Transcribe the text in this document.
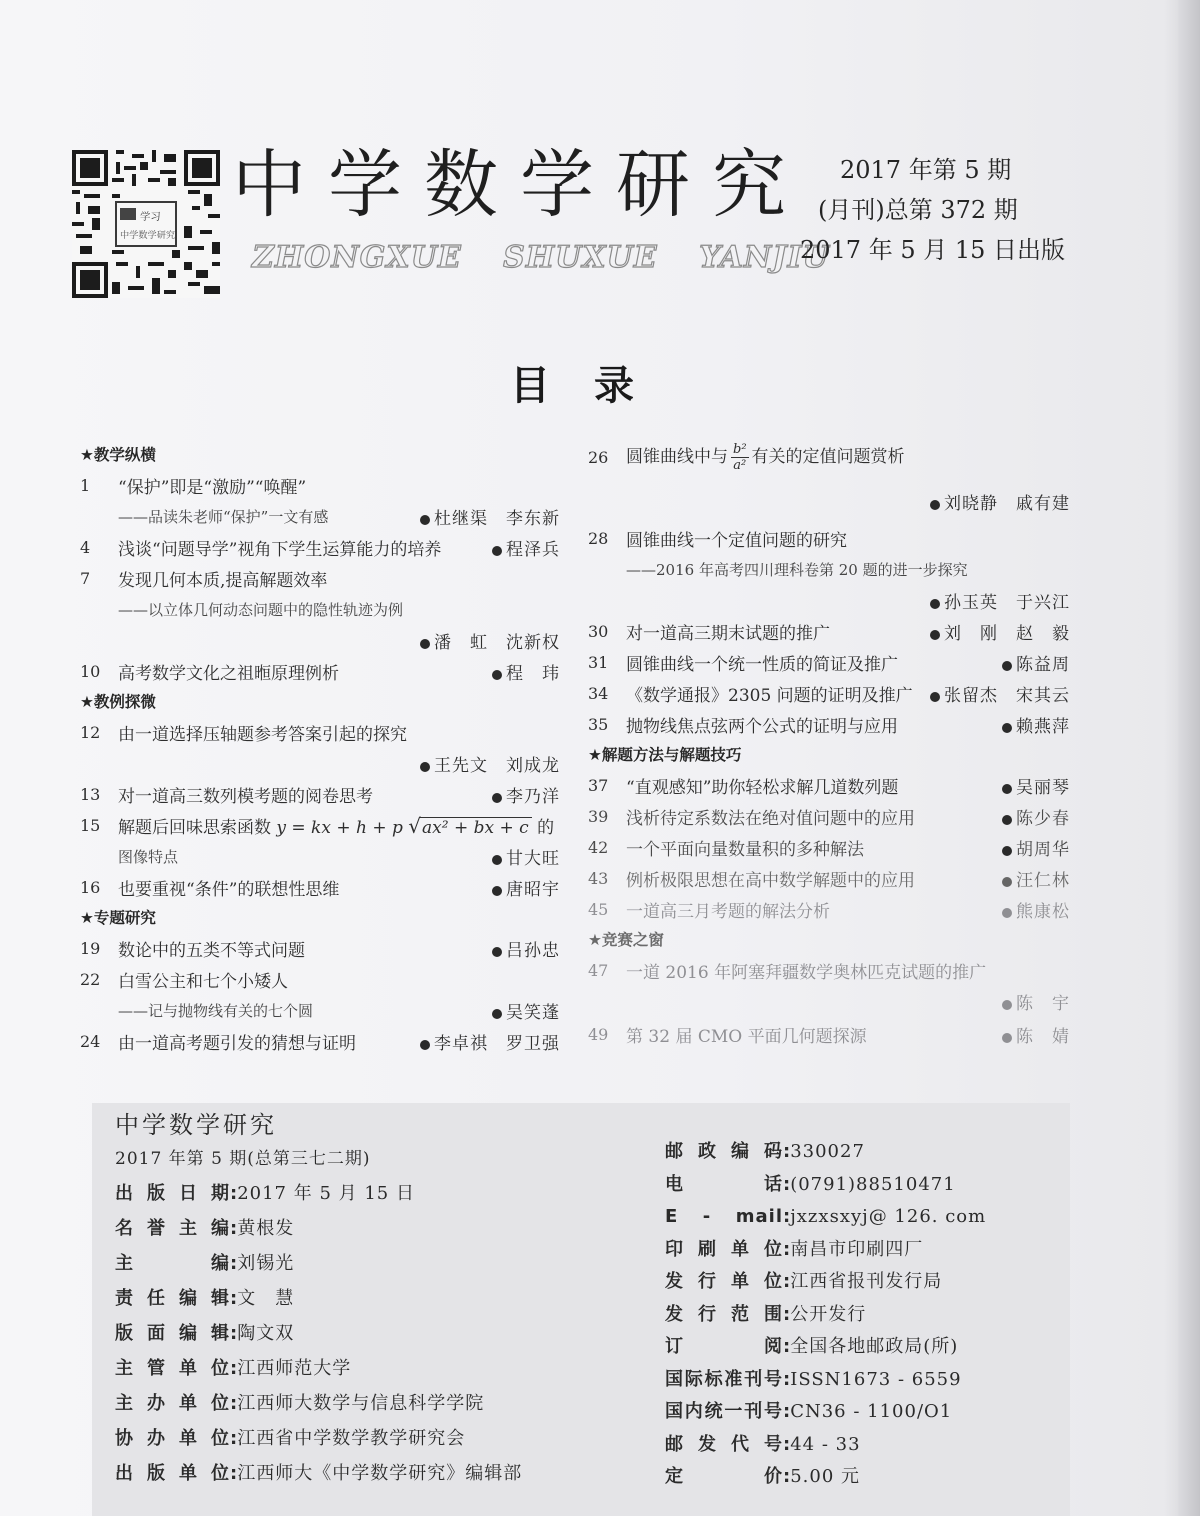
学习
中学数学研究
中学数学研究
ZHONGXUE SHUXUE YANJIU
2017 年第 5 期
(月刊)总第 372 期
2017 年 5 月 15 日出版
目录
★教学纵横
1	“保护”即是“激励”“唤醒”
——品读朱老师“保护”一文有感	杜继渠　李东新
4	浅谈“问题导学”视角下学生运算能力的培养	程泽兵
7	发现几何本质,提高解题效率
——以立体几何动态问题中的隐性轨迹为例
潘　虹　沈新权
10	高考数学文化之祖暅原理例析	程　玮
★教例探微
12	由一道选择压轴题参考答案引起的探究
王先文　刘成龙
13	对一道高三数列模考题的阅卷思考	李乃洋
15	解题后回味思索函数 y = kx + h + p √ax² + bx + c 的
图像特点	甘大旺
16	也要重视“条件”的联想性思维	唐昭宇
★专题研究
19	数论中的五类不等式问题	吕孙忠
22	白雪公主和七个小矮人
——记与抛物线有关的七个圆	吴笑蓬
24	由一道高考题引发的猜想与证明	李卓祺　罗卫强
26	圆锥曲线中与 $\frac{\text{b²}}{\text{a²}}$ 有关的定值问题赏析
刘晓静　戚有建
28	圆锥曲线一个定值问题的研究
——2016 年高考四川理科卷第 20 题的进一步探究
孙玉英　于兴江
30	对一道高三期末试题的推广	刘　刚　赵　毅
31	圆锥曲线一个统一性质的简证及推广	陈益周
34	《数学通报》2305 问题的证明及推广	张留杰　宋其云
35	抛物线焦点弦两个公式的证明与应用	赖燕萍
★解题方法与解题技巧
37	“直观感知”助你轻松求解几道数列题	吴丽琴
39	浅析待定系数法在绝对值问题中的应用	陈少春
42	一个平面向量数量积的多种解法	胡周华
43	例析极限思想在高中数学解题中的应用	汪仁林
45	一道高三月考题的解法分析	熊康松
★竞赛之窗
47	一道 2016 年阿塞拜疆数学奥林匹克试题的推广
陈　宇
49	第 32 届 CMO 平面几何题探源	陈　婧
中学数学研究
2017 年第 5 期(总第三七二期)
出版日期 : 2017 年 5 月 15 日
名誉主编 : 黄根发
主编 : 刘锡光
责任编辑 : 文　慧
版面编辑 : 陶文双
主管单位 : 江西师范大学
主办单位 : 江西师大数学与信息科学学院
协办单位 : 江西省中学数学教学研究会
出版单位 : 江西师大《中学数学研究》编辑部
邮政编码 : 330027
电话 : (0791)88510471
E - mail : jxzxsxyj@ 126. com
印刷单位 : 南昌市印刷四厂
发行单位 : 江西省报刊发行局
发行范围 : 公开发行
订阅 : 全国各地邮政局(所)
国际标准刊号 : ISSN1673 - 6559
国内统一刊号 : CN36 - 1100/O1
邮发代号 : 44 - 33
定价 : 5.00 元
